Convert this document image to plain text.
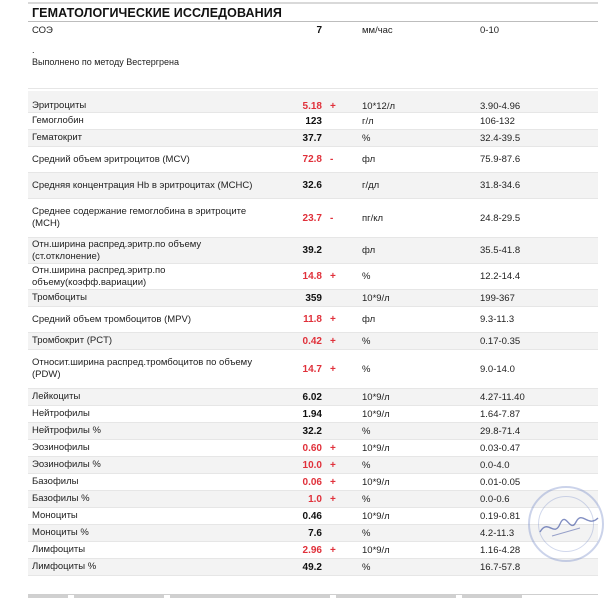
ГЕМАТОЛОГИЧЕСКИЕ ИССЛЕДОВАНИЯ
СОЭ	7	мм/час	0-10
.
Выполнено по методу Вестергрена
Эритроциты	5.18 +	10*12/л	3.90-4.96
Гемоглобин	123	г/л	106-132
Гематокрит	37.7	%	32.4-39.5
Средний объем эритроцитов (MCV)	72.8 -	фл	75.9-87.6
Средняя концентрация Hb в эритроцитах (MCHC)	32.6	г/дл	31.8-34.6
Среднее содержание гемоглобина в эритроците (MCH)	23.7 -	пг/кл	24.8-29.5
Отн.ширина распред.эритр.по объему (ст.отклонение)	39.2	фл	35.5-41.8
Отн.ширина распред.эритр.по объему(коэфф.вариации)	14.8 +	%	12.2-14.4
Тромбоциты	359	10*9/л	199-367
Средний объем тромбоцитов (MPV)	11.8 +	фл	9.3-11.3
Тромбокрит (PCT)	0.42 +	%	0.17-0.35
Относит.ширина распред.тромбоцитов по объему (PDW)	14.7 +	%	9.0-14.0
Лейкоциты	6.02	10*9/л	4.27-11.40
Нейтрофилы	1.94	10*9/л	1.64-7.87
Нейтрофилы %	32.2	%	29.8-71.4
Эозинофилы	0.60 +	10*9/л	0.03-0.47
Эозинофилы %	10.0 +	%	0.0-4.0
Базофилы	0.06 +	10*9/л	0.01-0.05
Базофилы %	1.0 +	%	0.0-0.6
Моноциты	0.46	10*9/л	0.19-0.81
Моноциты %	7.6	%	4.2-11.3
Лимфоциты	2.96 +	10*9/л	1.16-4.28
Лимфоциты %	49.2	%	16.7-57.8
